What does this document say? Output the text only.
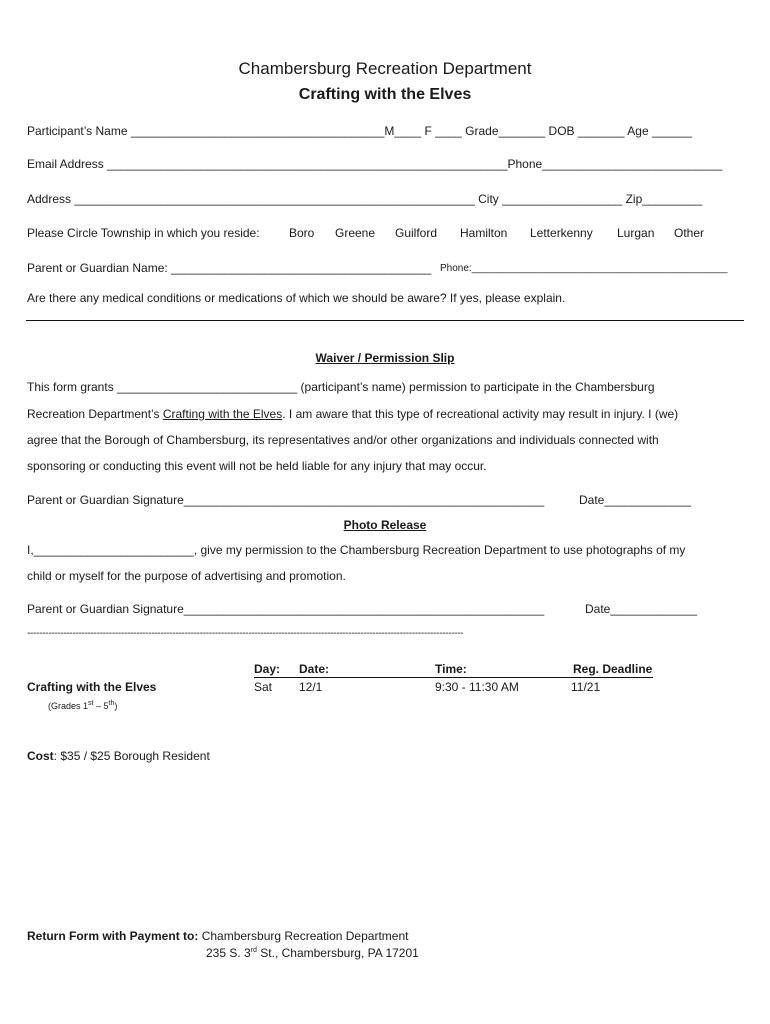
Chambersburg Recreation Department
Crafting with the Elves
Participant’s Name ______________________________________M____ F ____ Grade_______ DOB _______ Age ______
Email Address ____________________________________________________________Phone___________________________
Address ____________________________________________________________ City __________________ Zip_________
Please Circle Township in which you reside: Boro Greene Guilford Hamilton Letterkenny Lurgan Other
Parent or Guardian Name: _______________________________________ Phone:______________________________________________
Are there any medical conditions or medications of which we should be aware? If yes, please explain.
Waiver / Permission Slip
This form grants ___________________________ (participant’s name) permission to participate in the Chambersburg
Recreation Department’s Crafting with the Elves. I am aware that this type of recreational activity may result in injury. I (we)
agree that the Borough of Chambersburg, its representatives and/or other organizations and individuals connected with
sponsoring or conducting this event will not be held liable for any injury that may occur.
Parent or Guardian Signature______________________________________________________	Date_____________
Photo Release
I,________________________, give my permission to the Chambersburg Recreation Department to use photographs of my
child or myself for the purpose of advertising and promotion.
Parent or Guardian Signature______________________________________________________	Date_____________
------------------------------------------------------------------------------------------------------------------------------------------------
Day: Date:	Time:	Reg. Deadline
Crafting with the Elves	Sat 12/1	9:30 - 11:30 AM	11/21
(Grades 1st – 5th)
Cost: $35 / $25 Borough Resident
Return Form with Payment to: Chambersburg Recreation Department
235 S. 3rd St., Chambersburg, PA 17201
